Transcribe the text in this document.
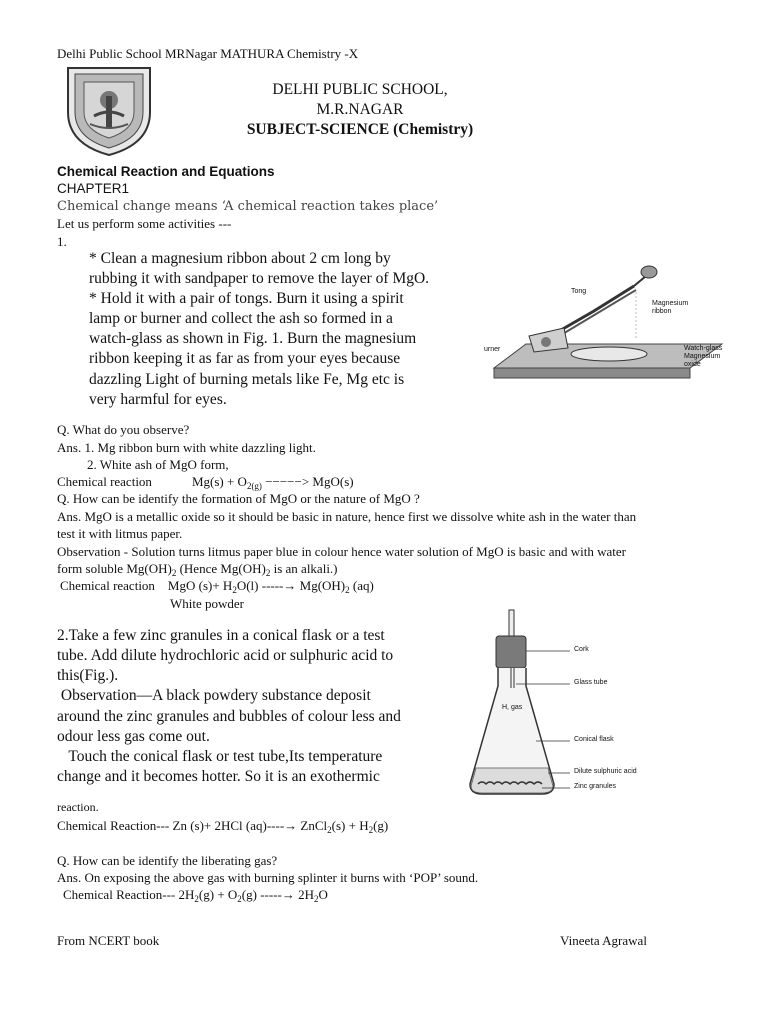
Delhi Public School MRNagar MATHURA Chemistry -X
DELHI PUBLIC SCHOOL,
M.R.NAGAR
SUBJECT-SCIENCE (Chemistry)
Chemical Reaction and Equations
CHAPTER1
Chemical change means ‘A chemical reaction takes place’
Let us perform some activities ---
1.
* Clean a magnesium ribbon about 2 cm long by
rubbing it with sandpaper to remove the layer of MgO.
* Hold it with a pair of tongs. Burn it using a spirit
lamp or burner and collect the ash so formed in a
watch-glass as shown in Fig. 1. Burn the magnesium
ribbon keeping it as far as from your eyes because
dazzling Light of burning metals like Fe, Mg etc is
very harmful for eyes.
Tong
Magnesium
ribbon
urner	Watch-glass
Magnesium
oxide
Q. What do you observe?
Ans. 1. Mg ribbon burn with white dazzling light.
2. White ash of MgO form,
Chemical reaction	$Mg(s) + O_{2(g)}$ −−−−−> MgO(s)
Q. How can be identify the formation of MgO or the nature of MgO ?
Ans. MgO is a metallic oxide so it should be basic in nature, hence first we dissolve white ash in the water than
test it with litmus paper.
Observation - Solution turns litmus paper blue in colour hence water solution of MgO is basic and with water
form soluble $Mg(OH)_2$ (Hence $Mg(OH)_2$ is an alkali.)
Chemical reaction    MgO $(s)+ H_2O(l)$ -----→ $Mg(OH)_2$ (aq)
White powder
2.Take a few zinc granules in a conical flask or a test
tube. Add dilute hydrochloric acid or sulphuric acid to
this(Fig.).
Observation—A black powdery substance deposit
around the zinc granules and bubbles of colour less and
odour less gas come out.
Touch the conical flask or test tube,Its temperature
change and it becomes hotter. So it is an exothermic
Cork
Glass tube
H, gas
Conical flask
Dilute sulphuric acid
Zinc granules
reaction.
Chemical Reaction--- Zn (s)+ 2HCl (aq)----→ ZnCl$_2$(s) + $H_2(g)$
Q. How can be identify the liberating gas?
Ans. On exposing the above gas with burning splinter it burns with ‘POP’ sound.
Chemical Reaction--- $2H_2(g) + O_2(g)$ -----→ $2H_2O$
From NCERT book	Vineeta Agrawal
